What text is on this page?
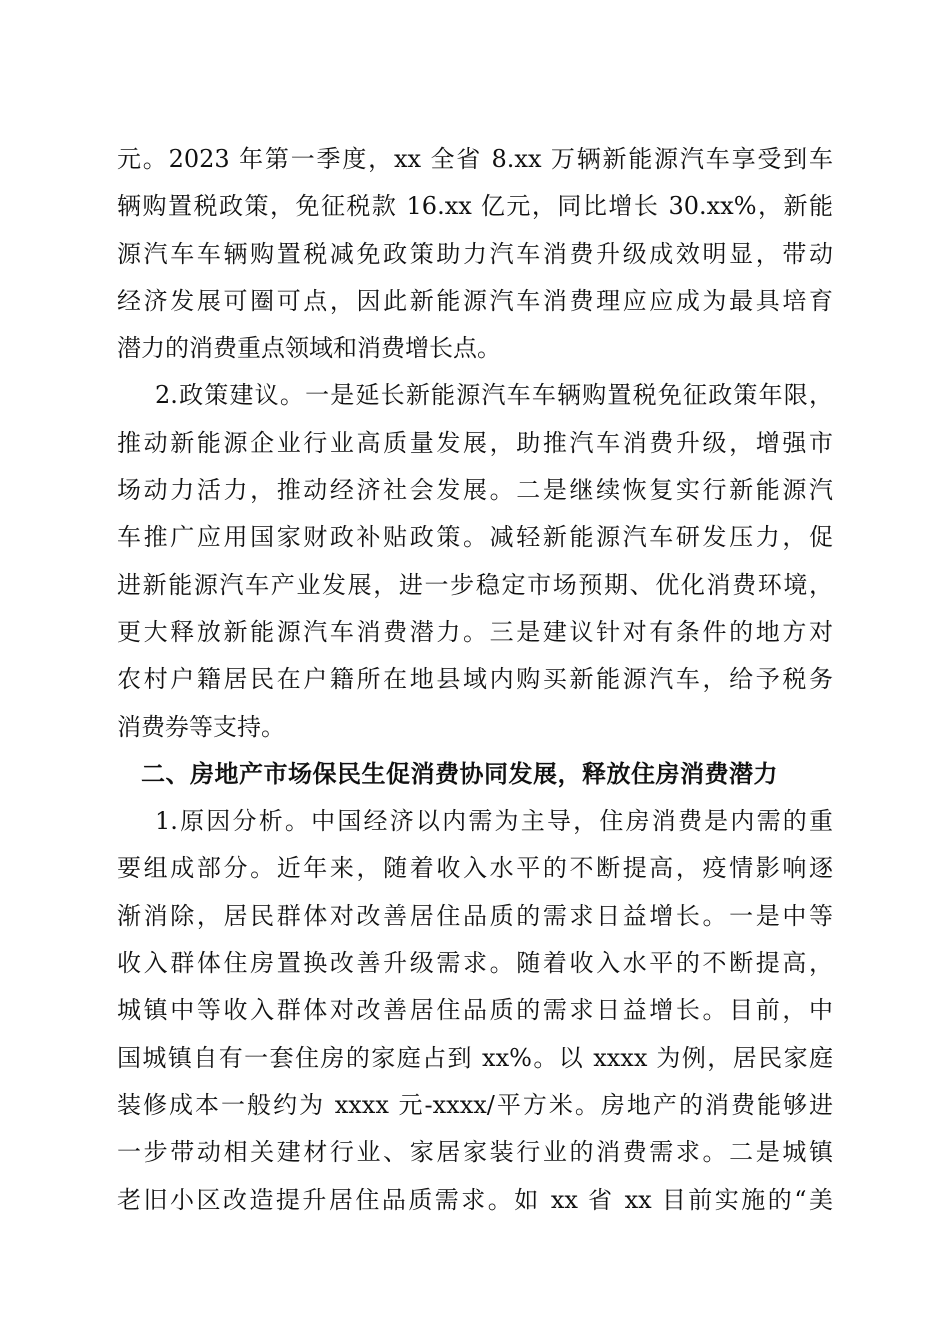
元。2023 年第一季度，xx 全省 8.xx 万辆新能源汽车享受到车
辆购置税政策，免征税款 16.xx 亿元，同比增长 30.xx%，新能
源汽车车辆购置税减免政策助力汽车消费升级成效明显，带动
经济发展可圈可点，因此新能源汽车消费理应应成为最具培育
潜力的消费重点领域和消费增长点。
2.政策建议。一是延长新能源汽车车辆购置税免征政策年限，
推动新能源企业行业高质量发展，助推汽车消费升级，增强市
场动力活力，推动经济社会发展。二是继续恢复实行新能源汽
车推广应用国家财政补贴政策。减轻新能源汽车研发压力，促
进新能源汽车产业发展，进一步稳定市场预期、优化消费环境，
更大释放新能源汽车消费潜力。三是建议针对有条件的地方对
农村户籍居民在户籍所在地县域内购买新能源汽车，给予税务
消费券等支持。
二、房地产市场保民生促消费协同发展，释放住房消费潜力
1.原因分析。中国经济以内需为主导，住房消费是内需的重
要组成部分。近年来，随着收入水平的不断提高，疫情影响逐
渐消除，居民群体对改善居住品质的需求日益增长。一是中等
收入群体住房置换改善升级需求。随着收入水平的不断提高，
城镇中等收入群体对改善居住品质的需求日益增长。目前，中
国城镇自有一套住房的家庭占到 xx%。以 xxxx 为例，居民家庭
装修成本一般约为 xxxx 元-xxxx/平方米。房地产的消费能够进
一步带动相关建材行业、家居家装行业的消费需求。二是城镇
老旧小区改造提升居住品质需求。如 xx 省 xx 目前实施的“美
